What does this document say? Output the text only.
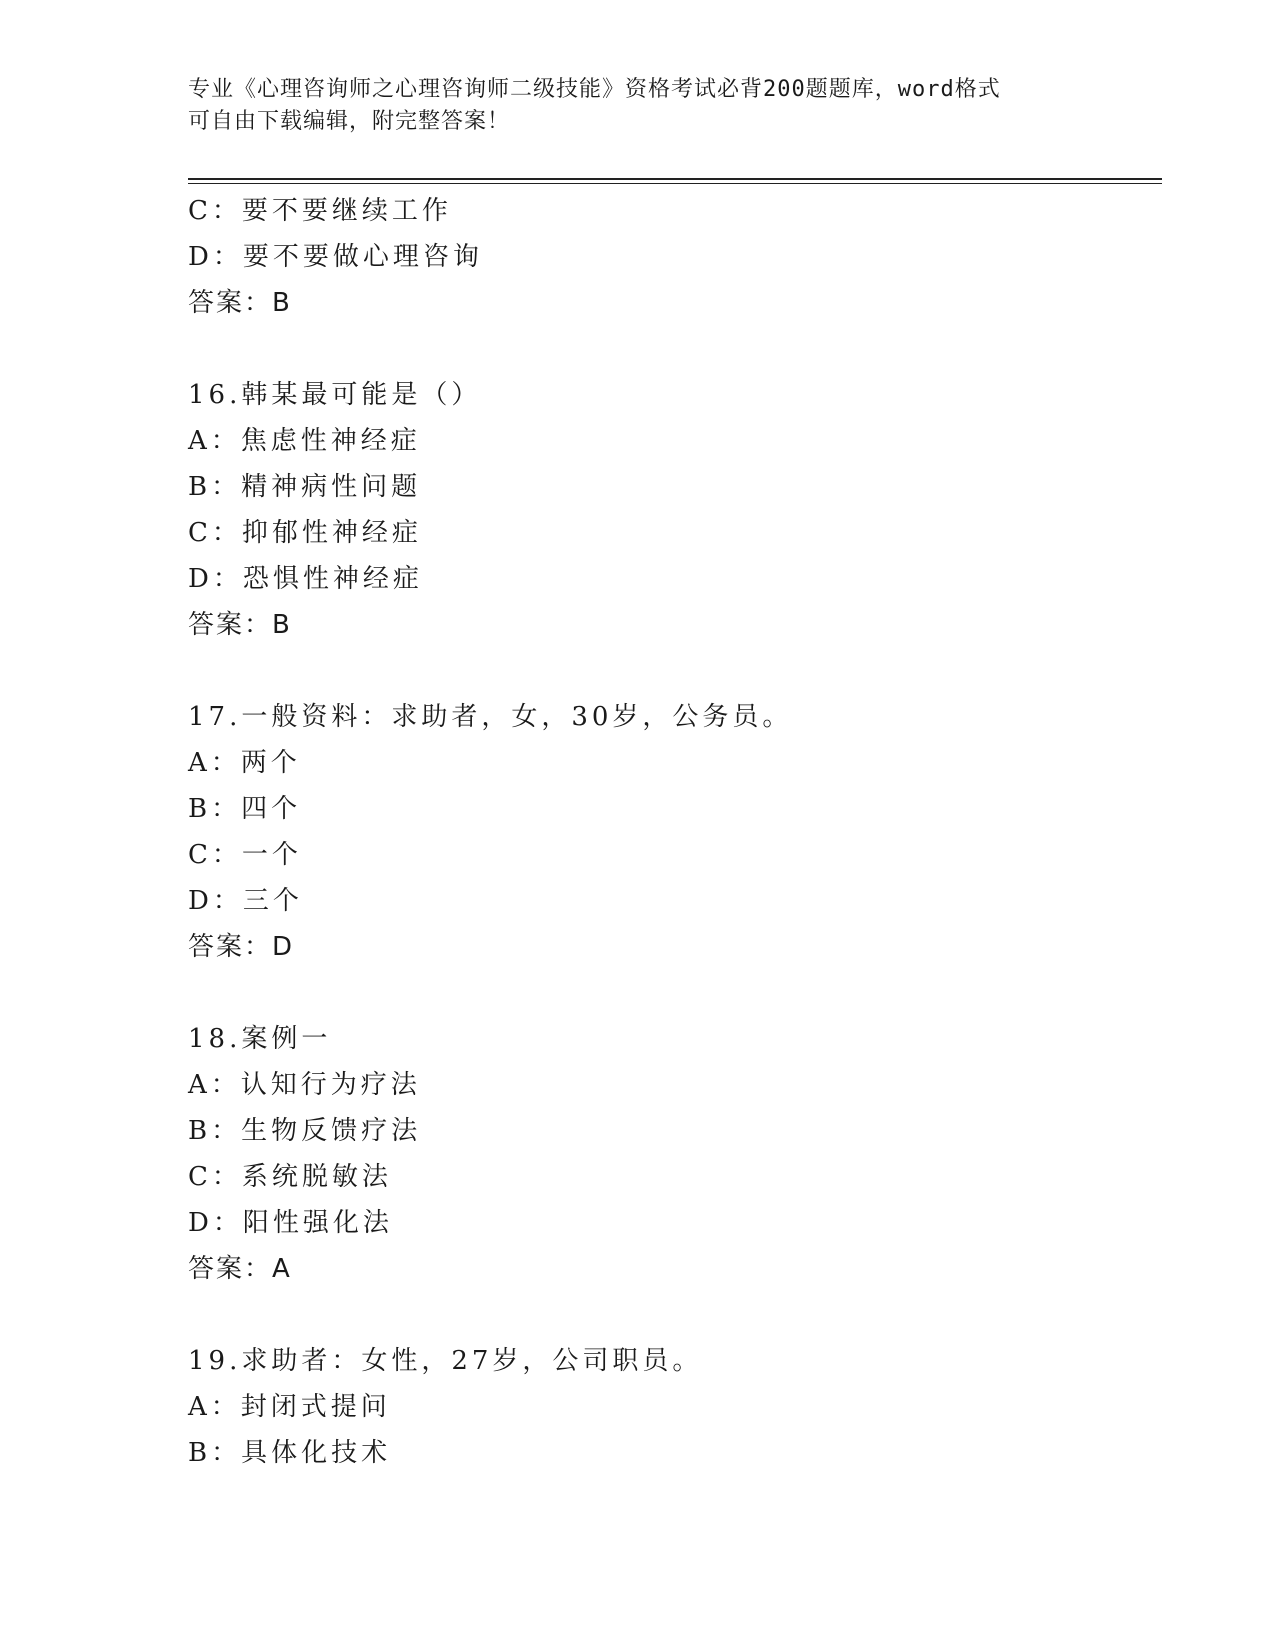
专业《心理咨询师之心理咨询师二级技能》资格考试必背200题题库，word格式
可自由下载编辑，附完整答案！
C：要不要继续工作
D：要不要做心理咨询
答案：B
16.韩某最可能是（）
A：焦虑性神经症
B：精神病性问题
C：抑郁性神经症
D：恐惧性神经症
答案：B
17.一般资料：求助者，女，30岁，公务员。
A：两个
B：四个
C：一个
D：三个
答案：D
18.案例一
A：认知行为疗法
B：生物反馈疗法
C：系统脱敏法
D：阳性强化法
答案：A
19.求助者：女性，27岁，公司职员。
A：封闭式提问
B：具体化技术
